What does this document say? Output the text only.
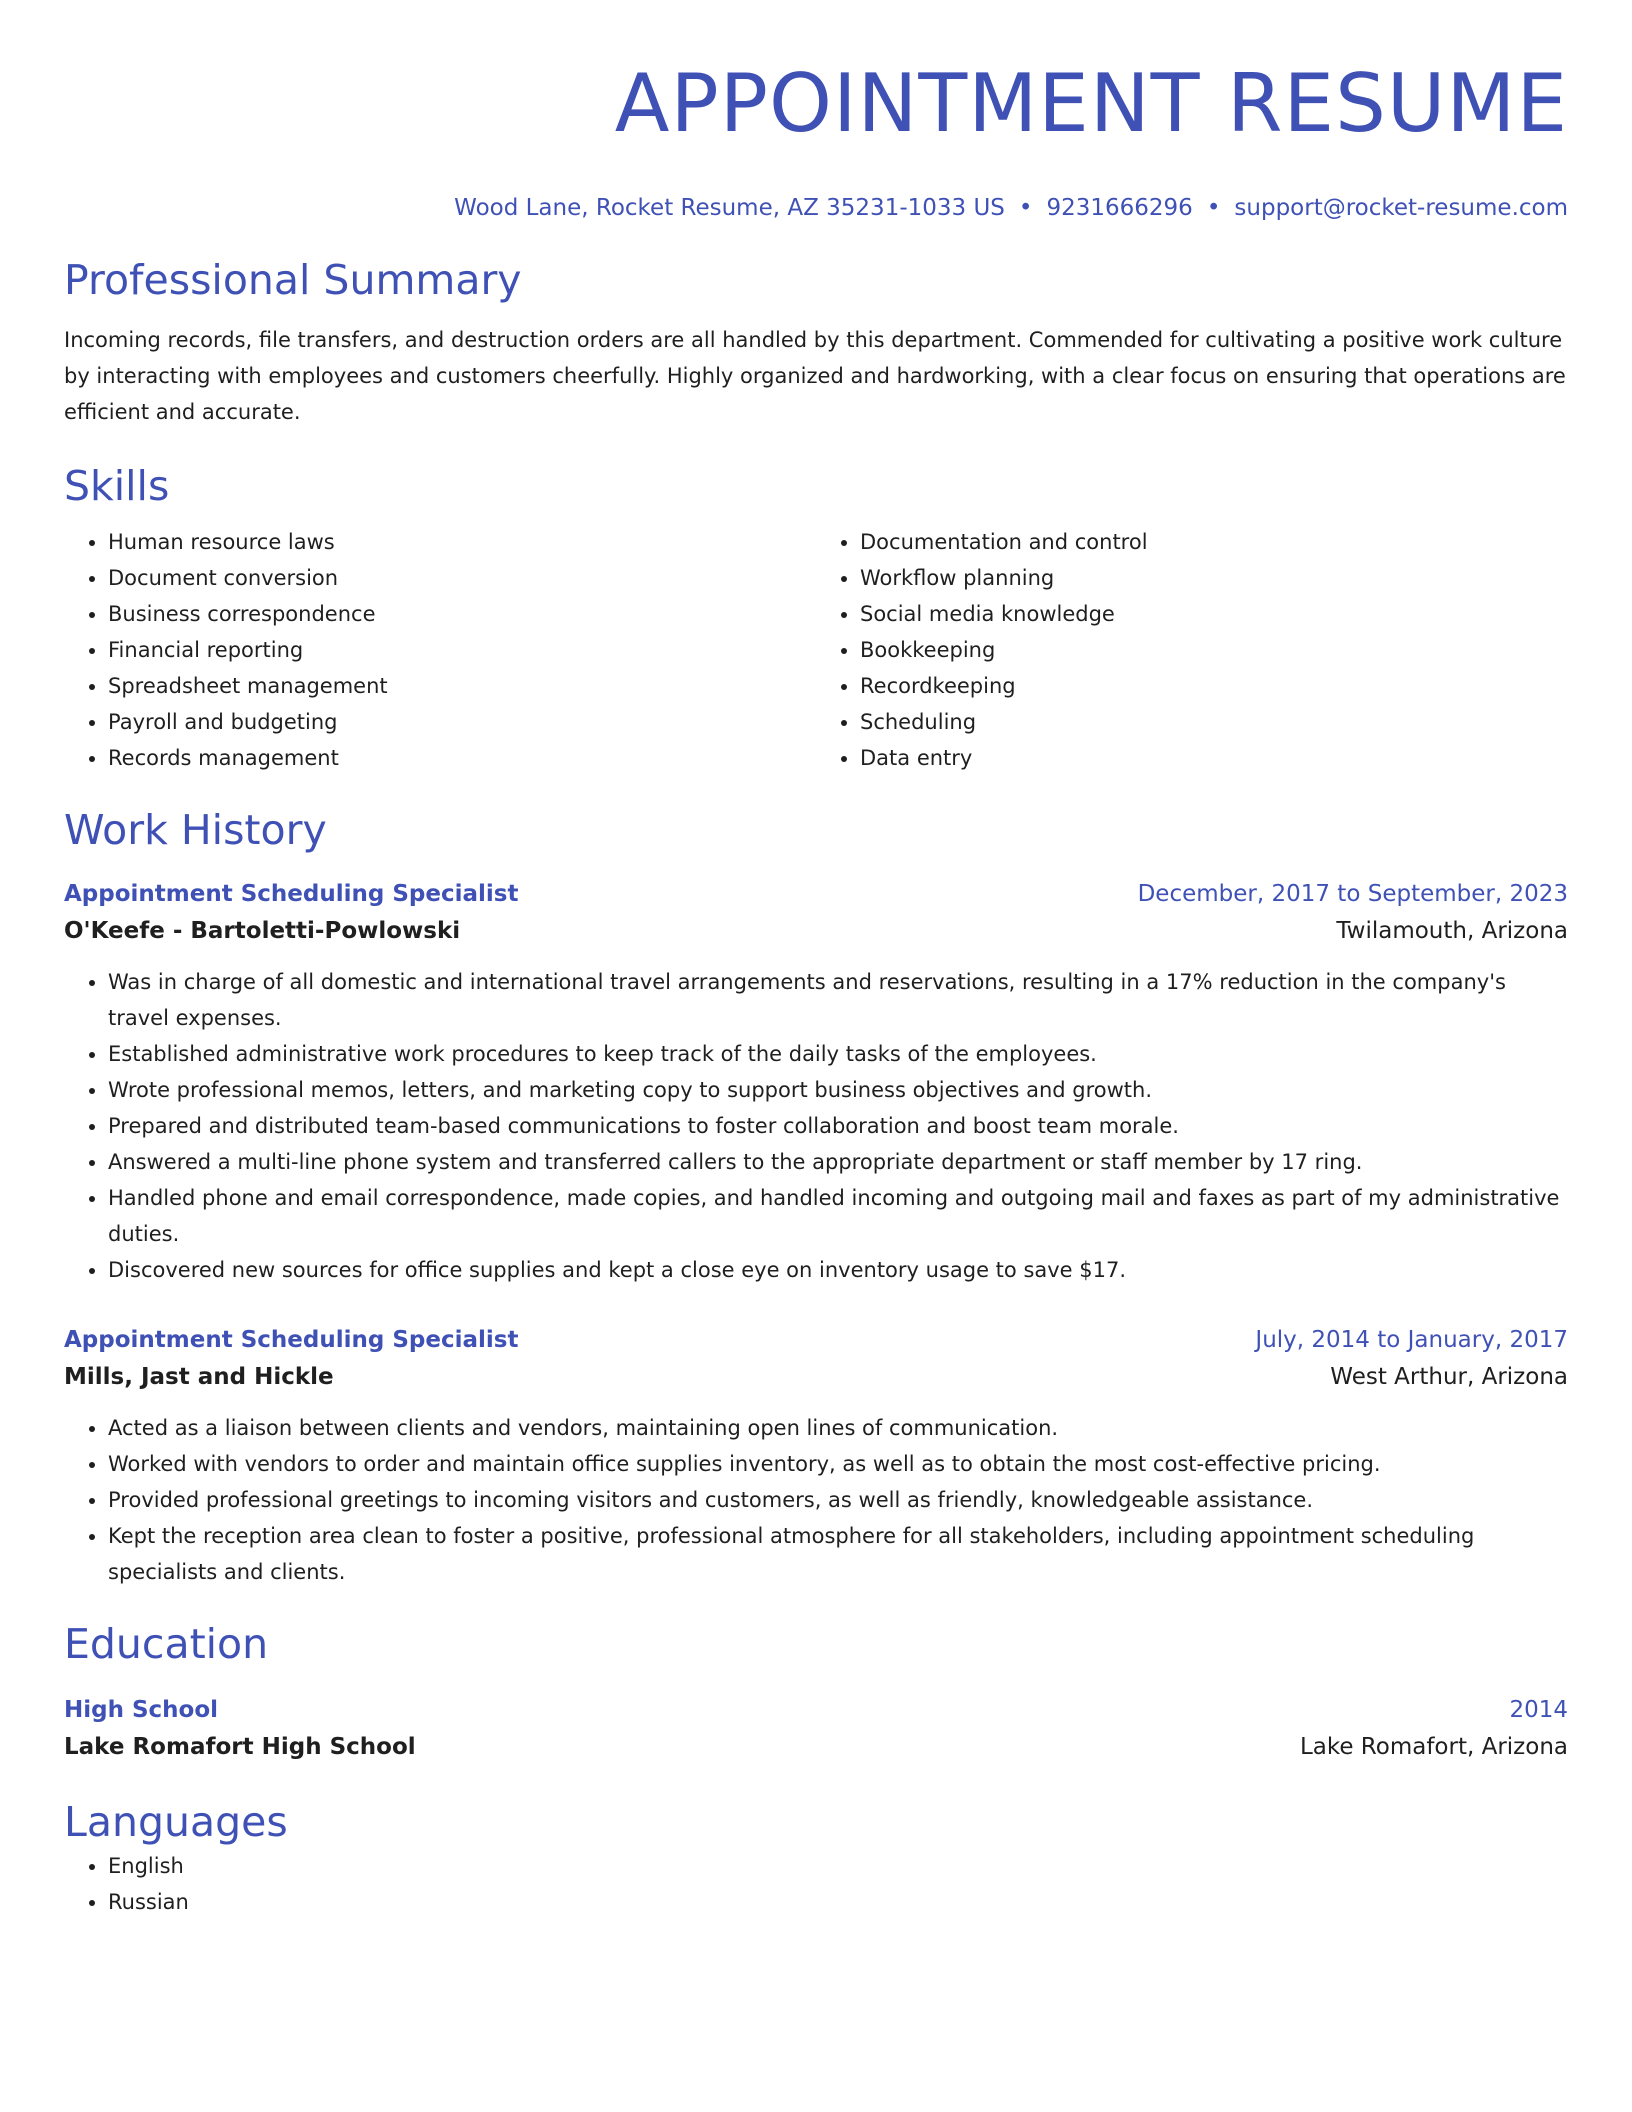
APPOINTMENT RESUME
Wood Lane, Rocket Resume, AZ 35231-1033 US • 9231666296 • support@rocket-resume.com
Professional Summary
Incoming records, file transfers, and destruction orders are all handled by this department. Commended for cultivating a positive work culture by interacting with employees and customers cheerfully. Highly organized and hardworking, with a clear focus on ensuring that operations are efficient and accurate.
Skills
• Human resource laws
• Document conversion
• Business correspondence
• Financial reporting
• Spreadsheet management
• Payroll and budgeting
• Records management
• Documentation and control
• Workflow planning
• Social media knowledge
• Bookkeeping
• Recordkeeping
• Scheduling
• Data entry
Work History
Appointment Scheduling Specialist	December, 2017 to September, 2023
O'Keefe - Bartoletti-Powlowski	Twilamouth, Arizona
• Was in charge of all domestic and international travel arrangements and reservations, resulting in a 17% reduction in the company's travel expenses.
• Established administrative work procedures to keep track of the daily tasks of the employees.
• Wrote professional memos, letters, and marketing copy to support business objectives and growth.
• Prepared and distributed team-based communications to foster collaboration and boost team morale.
• Answered a multi-line phone system and transferred callers to the appropriate department or staff member by 17 ring.
• Handled phone and email correspondence, made copies, and handled incoming and outgoing mail and faxes as part of my administrative duties.
• Discovered new sources for office supplies and kept a close eye on inventory usage to save $17.
Appointment Scheduling Specialist	July, 2014 to January, 2017
Mills, Jast and Hickle	West Arthur, Arizona
• Acted as a liaison between clients and vendors, maintaining open lines of communication.
• Worked with vendors to order and maintain office supplies inventory, as well as to obtain the most cost-effective pricing.
• Provided professional greetings to incoming visitors and customers, as well as friendly, knowledgeable assistance.
• Kept the reception area clean to foster a positive, professional atmosphere for all stakeholders, including appointment scheduling specialists and clients.
Education
High School	2014
Lake Romafort High School	Lake Romafort, Arizona
Languages
• English
• Russian
